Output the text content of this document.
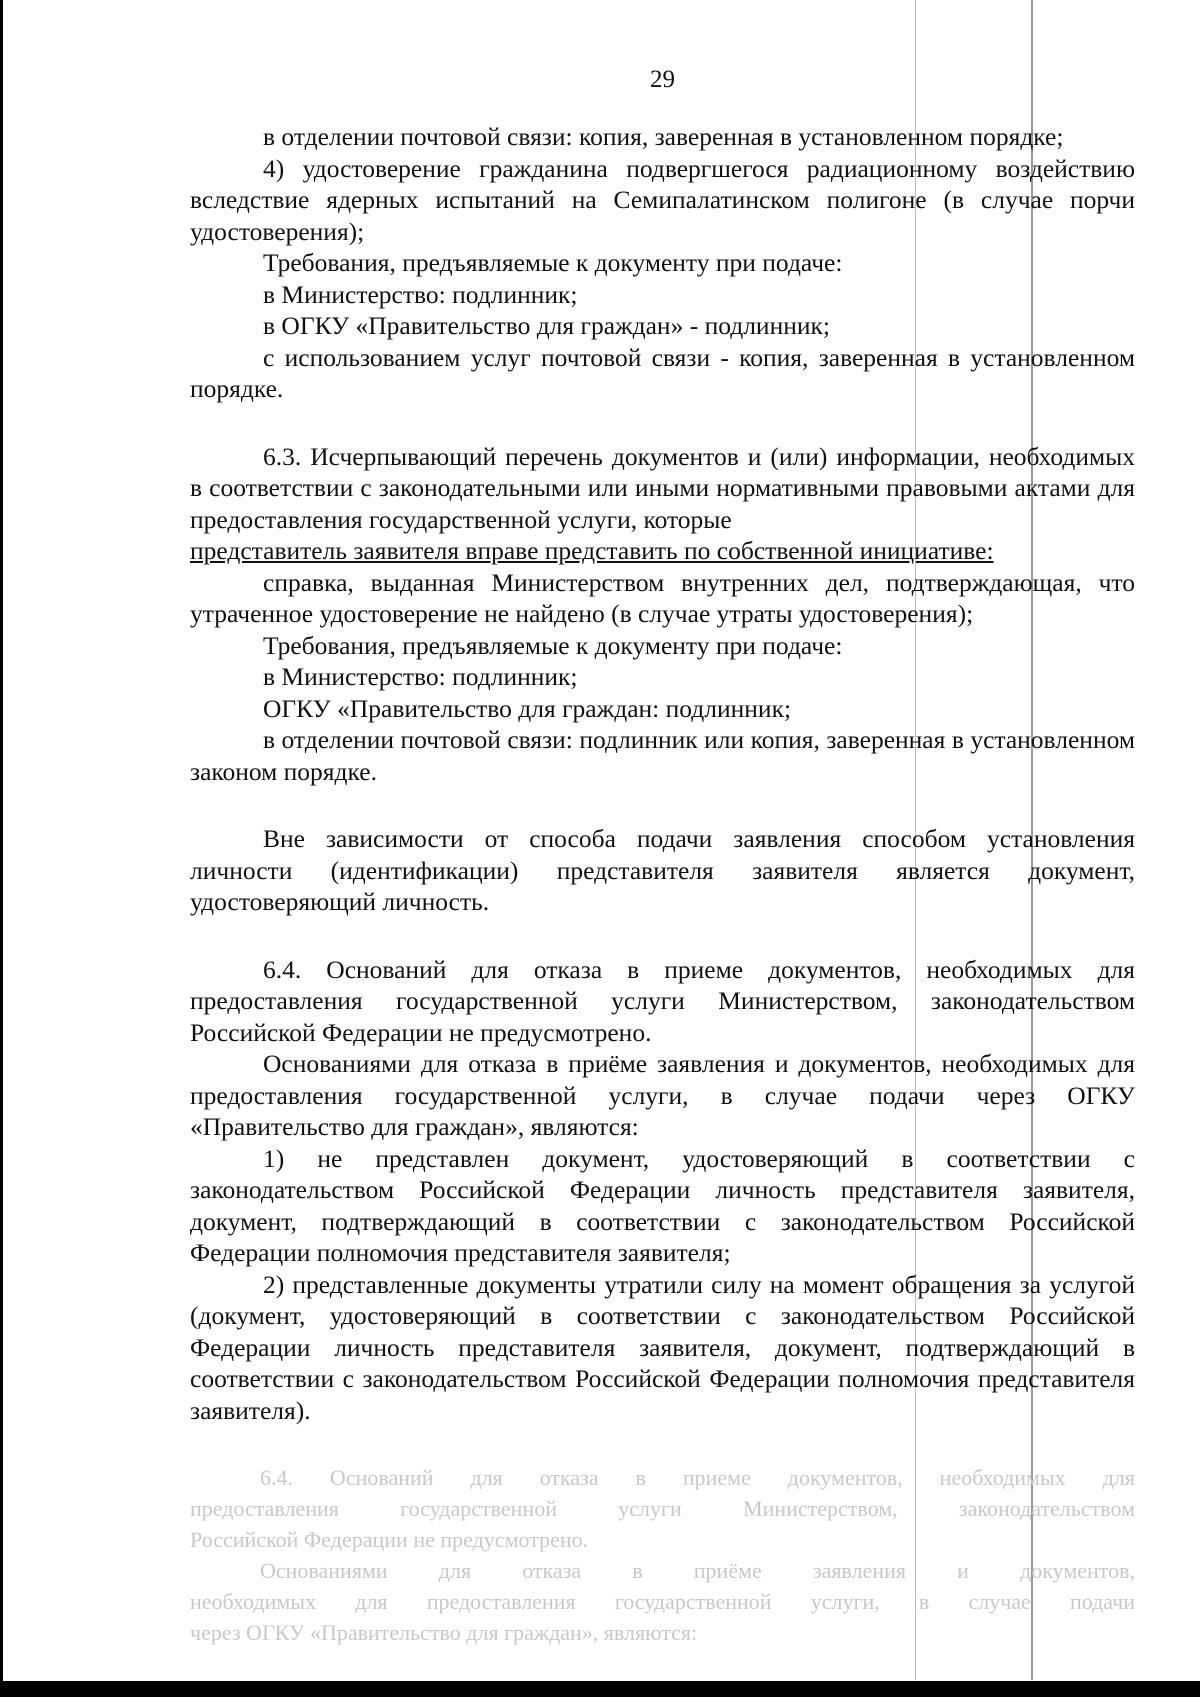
29

в отделении почтовой связи: копия, заверенная в установленном порядке;

4) удостоверение гражданина подвергшегося радиационному воздействию вследствие ядерных испытаний на Семипалатинском полигоне (в случае порчи удостоверения);

Требования, предъявляемые к документу при подаче:

в Министерство: подлинник;

в ОГКУ «Правительство для граждан» - подлинник;

с использованием услуг почтовой связи - копия, заверенная в установленном порядке.

6.3. Исчерпывающий перечень документов и (или) информации, необходимых в соответствии с законодательными или иными нормативными правовыми актами для предоставления государственной услуги, которые

представитель заявителя вправе представить по собственной инициативе:

справка, выданная Министерством внутренних дел, подтверждающая, что утраченное удостоверение не найдено (в случае утраты удостоверения);

Требования, предъявляемые к документу при подаче:

в Министерство: подлинник;

ОГКУ «Правительство для граждан: подлинник;

в отделении почтовой связи: подлинник или копия, заверенная в установленном законом порядке.

Вне зависимости от способа подачи заявления способом установления личности (идентификации) представителя заявителя является документ, удостоверяющий личность.

6.4. Оснований для отказа в приеме документов, необходимых для предоставления государственной услуги Министерством, законодательством Российской Федерации не предусмотрено.

Основаниями для отказа в приёме заявления и документов, необходимых для предоставления государственной услуги, в случае подачи через ОГКУ «Правительство для граждан», являются:

1) не представлен документ, удостоверяющий в соответствии с законодательством Российской Федерации личность представителя заявителя, документ, подтверждающий в соответствии с законодательством Российской Федерации полномочия представителя заявителя;

2) представленные документы утратили силу на момент обращения за услугой (документ, удостоверяющий в соответствии с законодательством Российской Федерации личность представителя заявителя, документ, подтверждающий в соответствии с законодательством Российской Федерации полномочия представителя заявителя).

6.4. Оснований для отказа в приеме документов, необходимых для

предоставления государственной услуги Министерством, законодательством

Российской Федерации не предусмотрено.

Основаниями для отказа в приёме заявления и документов,

необходимых для предоставления государственной услуги, в случае подачи

через ОГКУ «Правительство для граждан», являются:
